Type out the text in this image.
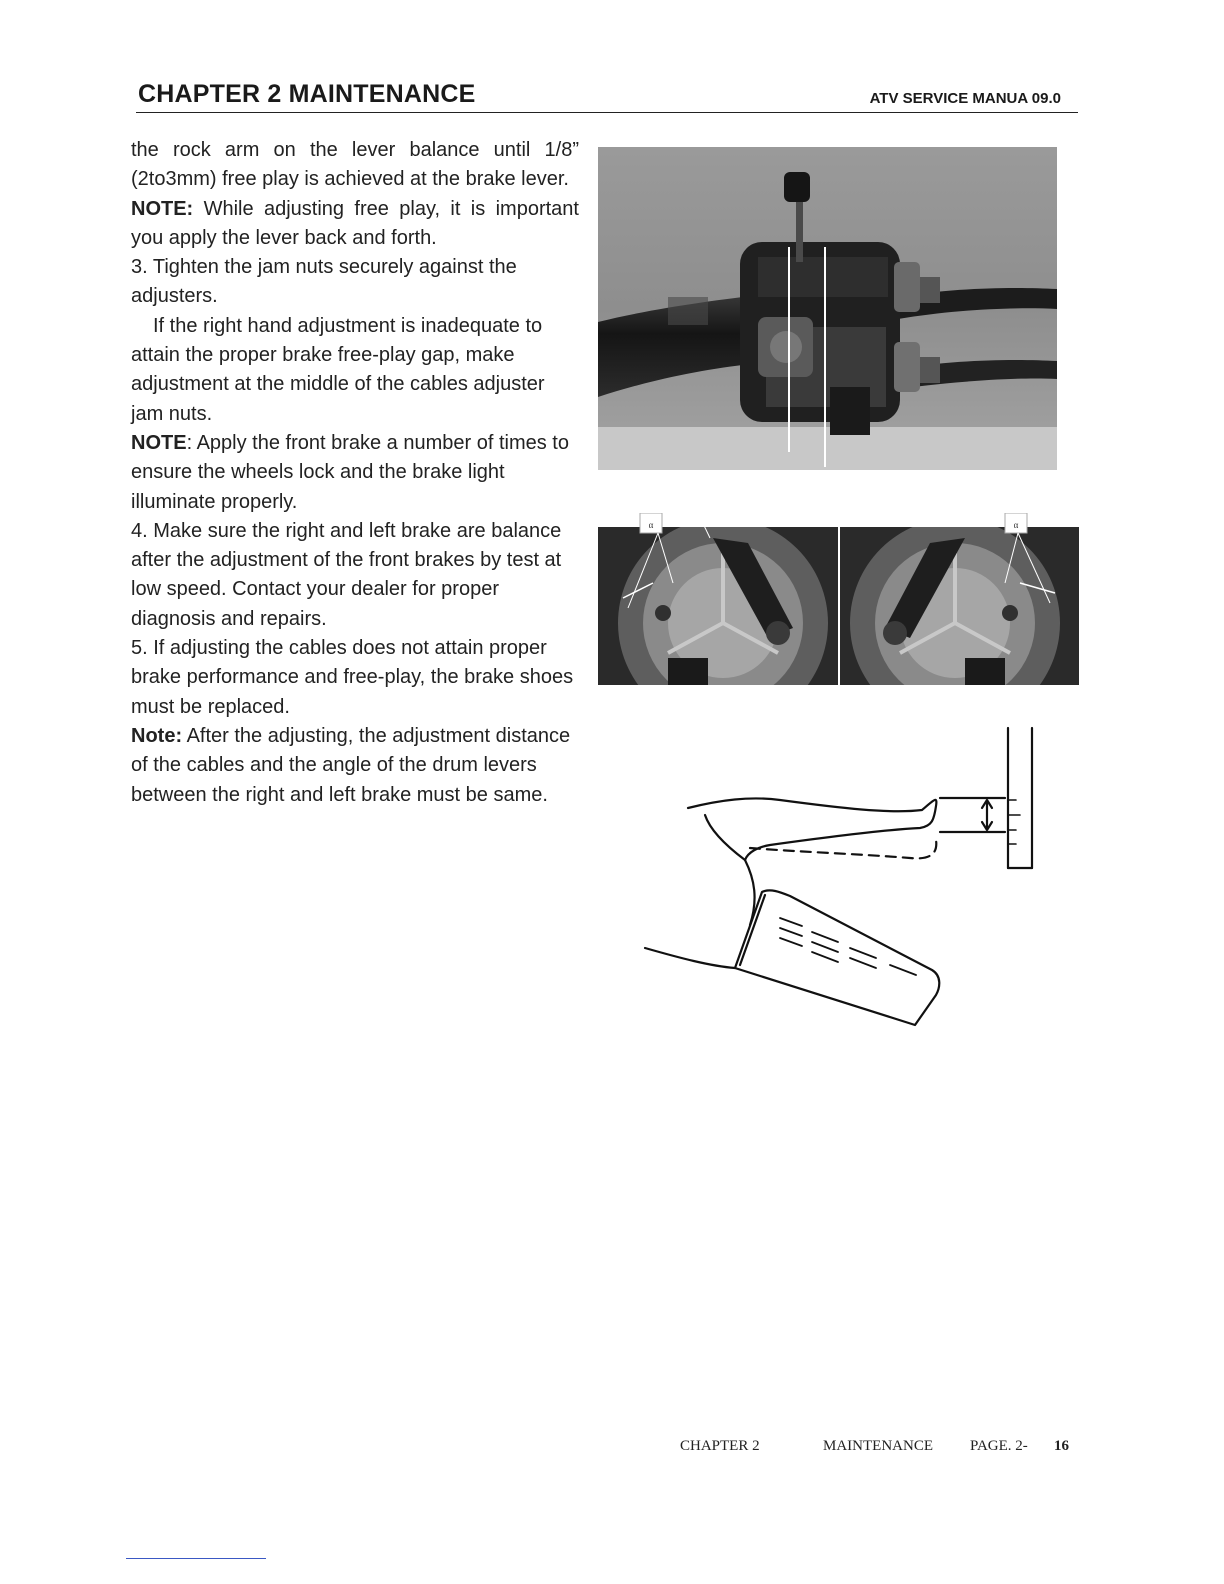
CHAPTER 2 MAINTENANCE	ATV SERVICE MANUA 09.0

the rock arm on the lever balance until 1/8” (2to3mm) free play is achieved at the brake lever.

NOTE: While adjusting free play, it is important you apply the lever back and forth.

3. Tighten the jam nuts securely against the adjusters.

If the right hand adjustment is inadequate to attain the proper brake free-play gap, make adjustment at the middle of the cables adjuster jam nuts.

NOTE: Apply the front brake a number of times to ensure the wheels lock and the brake light illuminate properly.

4. Make sure the right and left brake are balance after the adjustment of the front brakes by test at low speed. Contact your dealer for proper diagnosis and repairs.

5. If adjusting the cables does not attain proper brake performance and free-play, the brake shoes must be replaced.

Note: After the adjusting, the adjustment distance of the cables and the angle of the drum levers between the right and left brake must be same.

α	α
CHAPTER 2	MAINTENANCE PAGE. 2- 16
